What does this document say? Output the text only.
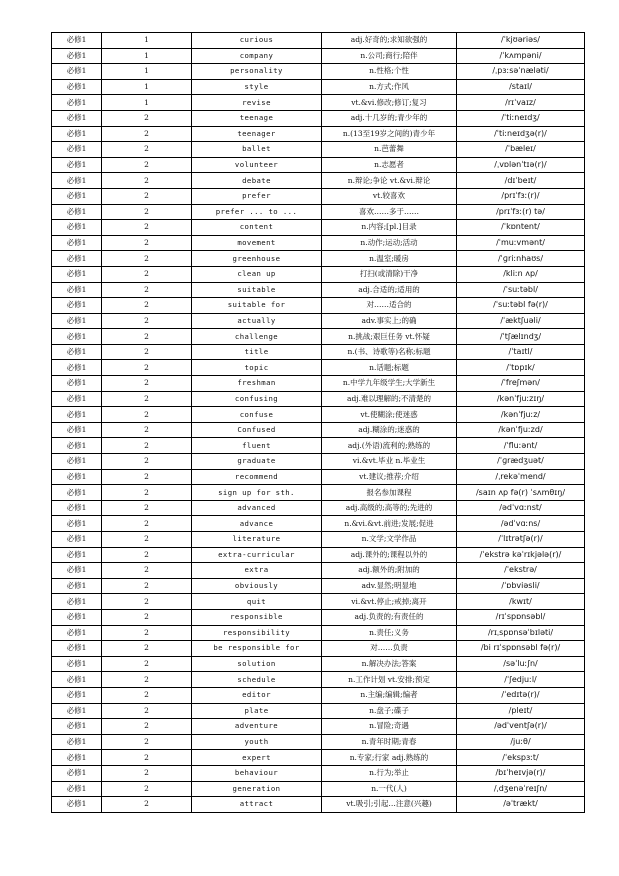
必修1	1	curious	adj.好奇的;求知欲强的	/ˈkjʊəriəs/
必修1	1	company	n.公司;商行;陪伴	/ˈkʌmpəni/
必修1	1	personality	n.性格;个性	/ˌpɜːsəˈnæləti/
必修1	1	style	n.方式;作风	/staɪl/
必修1	1	revise	vt.&vi.修改;修订;复习	/rɪˈvaɪz/
必修1	2	teenage	adj.十几岁的;青少年的	/ˈtiːneɪdʒ/
必修1	2	teenager	n.(13至19岁之间的)青少年	/ˈtiːneɪdʒə(r)/
必修1	2	ballet	n.芭蕾舞	/ˈbæleɪ/
必修1	2	volunteer	n.志愿者	/ˌvɒlənˈtɪə(r)/
必修1	2	debate	n.辩论;争论 vt.&vi.辩论	/dɪˈbeɪt/
必修1	2	prefer	vt.较喜欢	/prɪˈfɜː(r)/
必修1	2	prefer ... to ...	喜欢……多于……	/prɪˈfɜː(r) tə/
必修1	2	content	n.内容;[pl.]目录	/ˈkɒntent/
必修1	2	movement	n.动作;运动;活动	/ˈmuːvmənt/
必修1	2	greenhouse	n.温室;暖房	/ˈɡriːnhaʊs/
必修1	2	clean up	打扫(或清除)干净	/kliːn ʌp/
必修1	2	suitable	adj.合适的;适用的	/ˈsuːtəbl/
必修1	2	suitable for	对……适合的	/ˈsuːtəbl fə(r)/
必修1	2	actually	adv.事实上;的确	/ˈæktʃuəli/
必修1	2	challenge	n.挑战;艰巨任务 vt.怀疑	/ˈtʃælɪndʒ/
必修1	2	title	n.(书、诗歌等)名称;标题	/ˈtaɪtl/
必修1	2	topic	n.话题;标题	/ˈtɒpɪk/
必修1	2	freshman	n.中学九年级学生;大学新生	/ˈfreʃmən/
必修1	2	confusing	adj.难以理解的;不清楚的	/kənˈfjuːzɪŋ/
必修1	2	confuse	vt.使糊涂;使迷惑	/kənˈfjuːz/
必修1	2	Confused	adj.糊涂的;迷惑的	/kənˈfjuːzd/
必修1	2	fluent	adj.(外语)流利的;熟练的	/ˈfluːənt/
必修1	2	graduate	vi.&vt.毕业 n.毕业生	/ˈɡrædʒuət/
必修1	2	recommend	vt.建议;推荐;介绍	/ˌrekəˈmend/
必修1	2	sign up for sth.	报名参加课程	/saɪn ʌp fə(r) ˈsʌmθɪŋ/
必修1	2	advanced	adj.高级的;高等的;先进的	/ədˈvɑːnst/
必修1	2	advance	n.&vi.&vt.前进;发展;促进	/ədˈvɑːns/
必修1	2	literature	n.文学;文学作品	/ˈlɪtrətʃə(r)/
必修1	2	extra-curricular	adj.课外的;课程以外的	/ˈekstrə kəˈrɪkjələ(r)/
必修1	2	extra	adj.额外的;附加的	/ˈekstrə/
必修1	2	obviously	adv.显然;明显地	/ˈɒbviəsli/
必修1	2	quit	vi.&vt.停止;戒掉;离开	/kwɪt/
必修1	2	responsible	adj.负责的;有责任的	/rɪˈspɒnsəbl/
必修1	2	responsibility	n.责任;义务	/rɪˌspɒnsəˈbɪləti/
必修1	2	be responsible for	对……负责	/bi rɪˈspɒnsəbl fə(r)/
必修1	2	solution	n.解决办法;答案	/səˈluːʃn/
必修1	2	schedule	n.工作计划 vt.安排;预定	/ˈʃedjuːl/
必修1	2	editor	n.主编;编辑;编者	/ˈedɪtə(r)/
必修1	2	plate	n.盘子;碟子	/pleɪt/
必修1	2	adventure	n.冒险;奇遇	/ədˈventʃə(r)/
必修1	2	youth	n.青年时期;青春	/juːθ/
必修1	2	expert	n.专家;行家 adj.熟练的	/ˈekspɜːt/
必修1	2	behaviour	n.行为;举止	/bɪˈheɪvjə(r)/
必修1	2	generation	n.一代(人)	/ˌdʒenəˈreɪʃn/
必修1	2	attract	vt.吸引;引起…注意(兴趣)	/əˈtrækt/
